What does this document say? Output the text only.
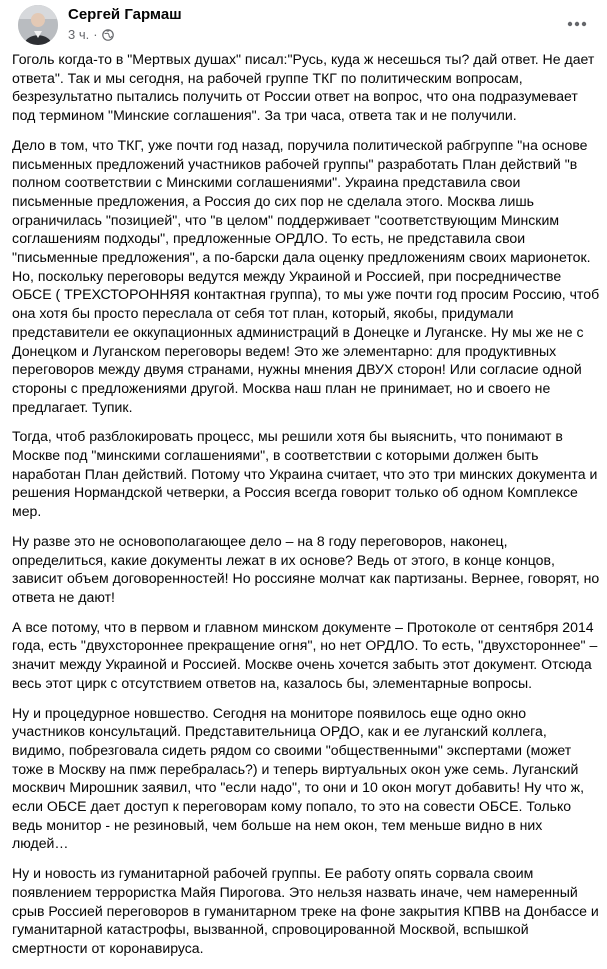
Сергей Гармаш
3 ч. ·

Гоголь когда-то в "Мертвых душах" писал:"Русь, куда ж несешься ты? дай ответ. Не дает ответа". Так и мы сегодня, на рабочей группе ТКГ по политическим вопросам, безрезультатно пытались получить от России ответ на вопрос, что она подразумевает под термином "Минские соглашения". За три часа, ответа так и не получили.

Дело в том, что ТКГ, уже почти год назад, поручила политической рабгруппе "на основе письменных предложений участников рабочей группы" разработать План действий "в полном соответствии с Минскими соглашениями". Украина представила свои письменные предложения, а Россия до сих пор не сделала этого. Москва лишь ограничилась "позицией", что "в целом" поддерживает "соответствующим Минским соглашениям подходы", предложенные ОРДЛО. То есть, не представила свои "письменные предложения", а по-барски дала оценку предложениям своих марионеток. Но, поскольку переговоры ведутся между Украиной и Россией, при посредничестве ОБСЕ ( ТРЕХСТОРОННЯЯ контактная группа), то мы уже почти год просим Россию, чтоб она хотя бы просто переслала от себя тот план, который, якобы, придумали представители ее оккупационных администраций в Донецке и Луганске. Ну мы же не с Донецком и Луганском переговоры ведем! Это же элементарно: для продуктивных переговоров между двумя странами, нужны мнения ДВУХ сторон! Или согласие одной стороны с предложениями другой. Москва наш план не принимает, но и своего не предлагает. Тупик.

Тогда, чтоб разблокировать процесс, мы решили хотя бы выяснить, что понимают в Москве под "минскими соглашениями", в соответствии с которыми должен быть наработан План действий. Потому что Украина считает, что это три минских документа и решения Нормандской четверки, а Россия всегда говорит только об одном Комплексе мер.

Ну разве это не основополагающее дело – на 8 году переговоров, наконец, определиться, какие документы лежат в их основе? Ведь от этого, в конце концов, зависит объем договоренностей! Но россияне молчат как партизаны. Вернее, говорят, но ответа не дают!

А все потому, что в первом и главном минском документе – Протоколе от сентября 2014 года, есть "двухстороннее прекращение огня", но нет ОРДЛО. То есть, "двухстороннее" – значит между Украиной и Россией. Москве очень хочется забыть этот документ. Отсюда весь этот цирк с отсутствием ответов на, казалось бы, элементарные вопросы.

Ну и процедурное новшество. Сегодня на мониторе появилось еще одно окно участников консультаций. Представительница ОРДО, как и ее луганский коллега, видимо, побрезговала сидеть рядом со своими "общественными" экспертами (может тоже в Москву на пмж перебралась?) и теперь виртуальных окон уже семь. Луганский москвич Мирошник заявил, что "если надо", то они и 10 окон могут добавить! Ну что ж, если ОБСЕ дает доступ к переговорам кому попало, то это на совести ОБСЕ. Только ведь монитор - не резиновый, чем больше на нем окон, тем меньше видно в них людей…

Ну и новость из гуманитарной рабочей группы. Ее работу опять сорвала своим появлением террористка Майя Пирогова. Это нельзя назвать иначе, чем намеренный срыв Россией переговоров в гуманитарном треке на фоне закрытия КПВВ на Донбассе и гуманитарной катастрофы, вызванной, спровоцированной Москвой, вспышкой смертности от коронавируса.
